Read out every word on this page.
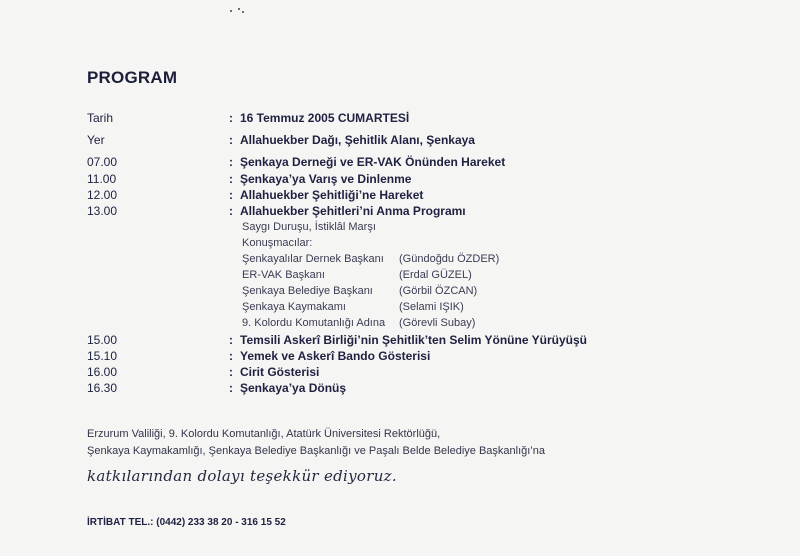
PROGRAM
Tarih	: 16 Temmuz 2005 CUMARTESİ
Yer	: Allahuekber Dağı, Şehitlik Alanı, Şenkaya
07.00	: Şenkaya Derneği ve ER-VAK Önünden Hareket
11.00	: Şenkaya’ya Varış ve Dinlenme
12.00	: Allahuekber Şehitliği’ne Hareket
13.00	: Allahuekber Şehitleri’ni Anma Programı
Saygı Duruşu, İstiklâl Marşı
Konuşmacılar:
Şenkayalılar Dernek Başkanı (Gündoğdu ÖZDER)
ER-VAK Başkanı	(Erdal GÜZEL)
Şenkaya Belediye Başkanı (Görbil ÖZCAN)
Şenkaya Kaymakamı	(Selami IŞIK)
9. Kolordu Komutanlığı Adına (Görevli Subay)
15.00	: Temsili Askerî Birliği’nin Şehitlik’ten Selim Yönüne Yürüyüşü
15.10	: Yemek ve Askerî Bando Gösterisi
16.00	: Cirit Gösterisi
16.30	: Şenkaya’ya Dönüş
Erzurum Valiliği, 9. Kolordu Komutanlığı, Atatürk Üniversitesi Rektörlüğü,
Şenkaya Kaymakamlığı, Şenkaya Belediye Başkanlığı ve Paşalı Belde Belediye Başkanlığı’na
katkılarından dolayı teşekkür ediyoruz.
İRTİBAT TEL.: (0442) 233 38 20 - 316 15 52
